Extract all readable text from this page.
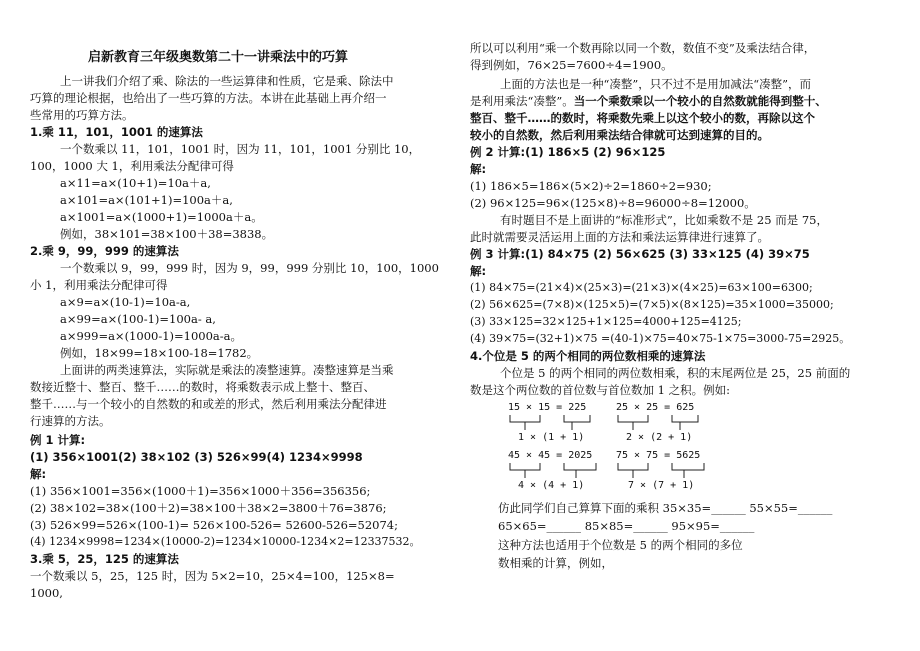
启新教育三年级奥数第二十一讲乘法中的巧算
上一讲我们介绍了乘、除法的一些运算律和性质，它是乘、除法中
巧算的理论根据，也给出了一些巧算的方法。本讲在此基础上再介绍一
些常用的巧算方法。
1.乘 11，101，1001 的速算法
一个数乘以 11，101，1001 时，因为 11，101，1001 分别比 10，
100，1000 大 1，利用乘法分配律可得
a×11=a×(10+1)=10a＋a,
a×101=a×(101+1)=100a＋a,
a×1001=a×(1000+1)=1000a＋a。
例如，38×101=38×100＋38=3838。
2.乘 9，99，999 的速算法
一个数乘以 9，99，999 时，因为 9，99，999 分别比 10，100，1000
小 1，利用乘法分配律可得
a×9=a×(10-1)=10a-a,
a×99=a×(100-1)=100a- a,
a×999=a×(1000-1)=1000a-a。
例如，18×99=18×100-18=1782。
上面讲的两类速算法，实际就是乘法的凑整速算。凑整速算是当乘
数接近整十、整百、整千……的数时，将乘数表示成上整十、整百、
整千……与一个较小的自然数的和或差的形式，然后利用乘法分配律进
行速算的方法。
例 1 计算:
(1) 356×1001(2) 38×102 (3) 526×99(4) 1234×9998
解:
(1) 356×1001=356×(1000＋1)=356×1000＋356=356356;
(2) 38×102=38×(100＋2)=38×100＋38×2=3800＋76=3876;
(3) 526×99=526×(100-1)= 526×100-526= 52600-526=52074;
(4) 1234×9998=1234×(10000-2)=1234×10000-1234×2=12337532。
3.乘 5，25，125 的速算法
一个数乘以 5，25，125 时，因为 5×2=10，25×4=100，125×8=
1000,
所以可以利用“乘一个数再除以同一个数，数值不变”及乘法结合律，
得到例如，76×25=7600÷4=1900。
上面的方法也是一种“凑整”，只不过不是用加减法“凑整”，而
是利用乘法“凑整”。当一个乘数乘以一个较小的自然数就能得到整十、
整百、整千……的数时，将乘数先乘上以这个较小的数，再除以这个
较小的自然数，然后利用乘法结合律就可达到速算的目的。
例 2 计算:(1) 186×5 (2) 96×125
解:
(1) 186×5=186×(5×2)÷2=1860÷2=930;
(2) 96×125=96×(125×8)÷8=96000÷8=12000。
有时题目不是上面讲的“标准形式”，比如乘数不是 25 而是 75，
此时就需要灵活运用上面的方法和乘法运算律进行速算了。
例 3 计算:(1) 84×75 (2) 56×625 (3) 33×125 (4) 39×75
解:
(1) 84×75=(21×4)×(25×3)=(21×3)×(4×25)=63×100=6300;
(2) 56×625=(7×8)×(125×5)=(7×5)×(8×125)=35×1000=35000;
(3) 33×125=32×125+1×125=4000+125=4125;
(4) 39×75=(32+1)×75 =(40-1)×75=40×75-1×75=3000-75=2925。
4.个位是 5 的两个相同的两位数相乘的速算法
个位是 5 的两个相同的两位数相乘，积的末尾两位是 25，25 前面的
数是这个两位数的首位数与首位数加 1 之积。例如:
15 × 15 = 225
1 × (1 + 1)
25 × 25 = 625
2 × (2 + 1)
45 × 45 = 2025
4 × (4 + 1)
75 × 75 = 5625
7 × (7 + 1)
仿此同学们自己算算下面的乘积 35×35=______ 55×55=______
65×65=______ 85×85=______ 95×95=______
这种方法也适用于个位数是 5 的两个相同的多位
数相乘的计算，例如，
